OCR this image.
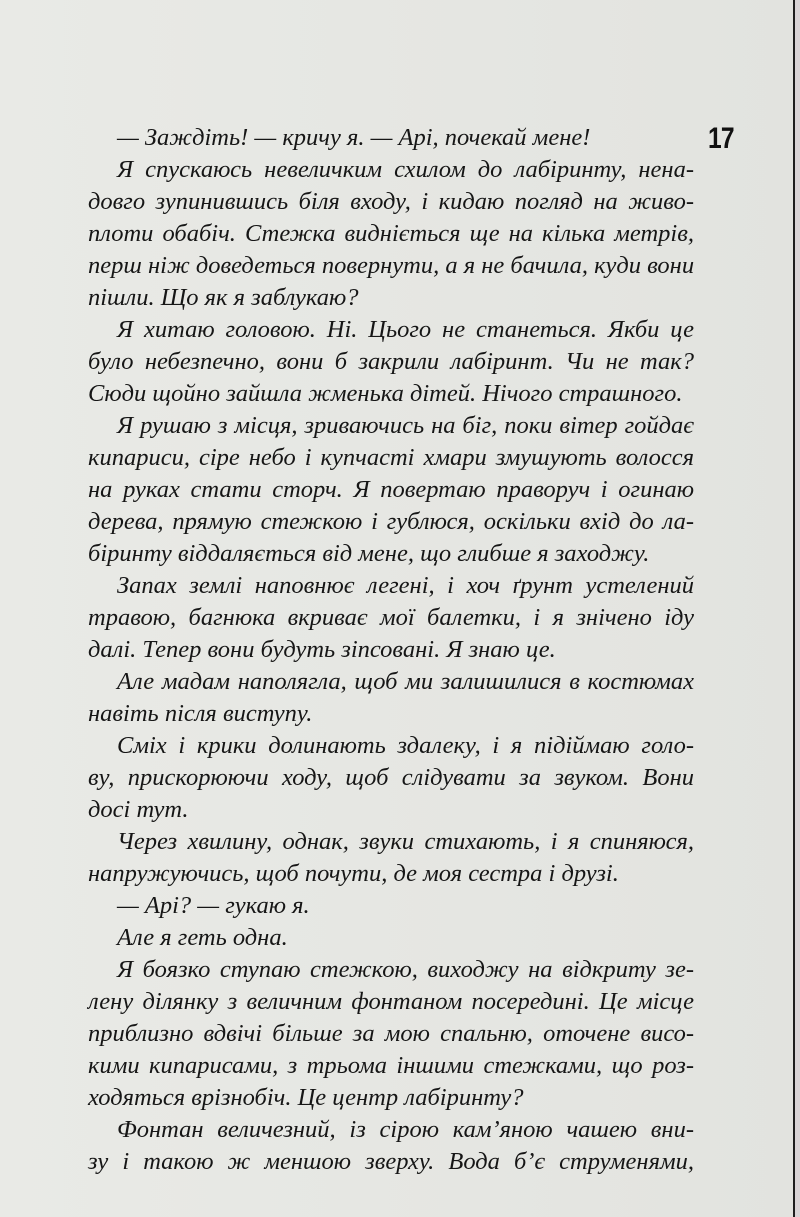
17
— Заждіть! — кричу я. — Арі, почекай мене!
Я спускаюсь невеличким схилом до лабіринту, нена-
довго зупинившись біля входу, і кидаю погляд на живо-
плоти обабіч. Стежка видніється ще на кілька метрів,
перш ніж доведеться повернути, а я не бачила, куди вони
пішли. Що як я заблукаю?
Я хитаю головою. Ні. Цього не станеться. Якби це
було небезпечно, вони б закрили лабіринт. Чи не так?
Сюди щойно зайшла жменька дітей. Нічого страшного.
Я рушаю з місця, зриваючись на біг, поки вітер гойдає
кипариси, сіре небо і купчасті хмари змушують волосся
на руках стати сторч. Я повертаю праворуч і огинаю
дерева, прямую стежкою і гублюся, оскільки вхід до ла-
біринту віддаляється від мене, що глибше я заходжу.
Запах землі наповнює легені, і хоч ґрунт устелений
травою, багнюка вкриває мої балетки, і я знічено іду
далі. Тепер вони будуть зіпсовані. Я знаю це.
Але мадам наполягла, щоб ми залишилися в костюмах
навіть після виступу.
Сміх і крики долинають здалеку, і я підіймаю голо-
ву, прискорюючи ходу, щоб слідувати за звуком. Вони
досі тут.
Через хвилину, однак, звуки стихають, і я спиняюся,
напружуючись, щоб почути, де моя сестра і друзі.
— Арі? — гукаю я.
Але я геть одна.
Я боязко ступаю стежкою, виходжу на відкриту зе-
лену ділянку з величним фонтаном посередині. Це місце
приблизно вдвічі більше за мою спальню, оточене висо-
кими кипарисами, з трьома іншими стежками, що роз-
ходяться врізнобіч. Це центр лабіринту?
Фонтан величезний, із сірою кам’яною чашею вни-
зу і такою ж меншою зверху. Вода б’є струменями,
